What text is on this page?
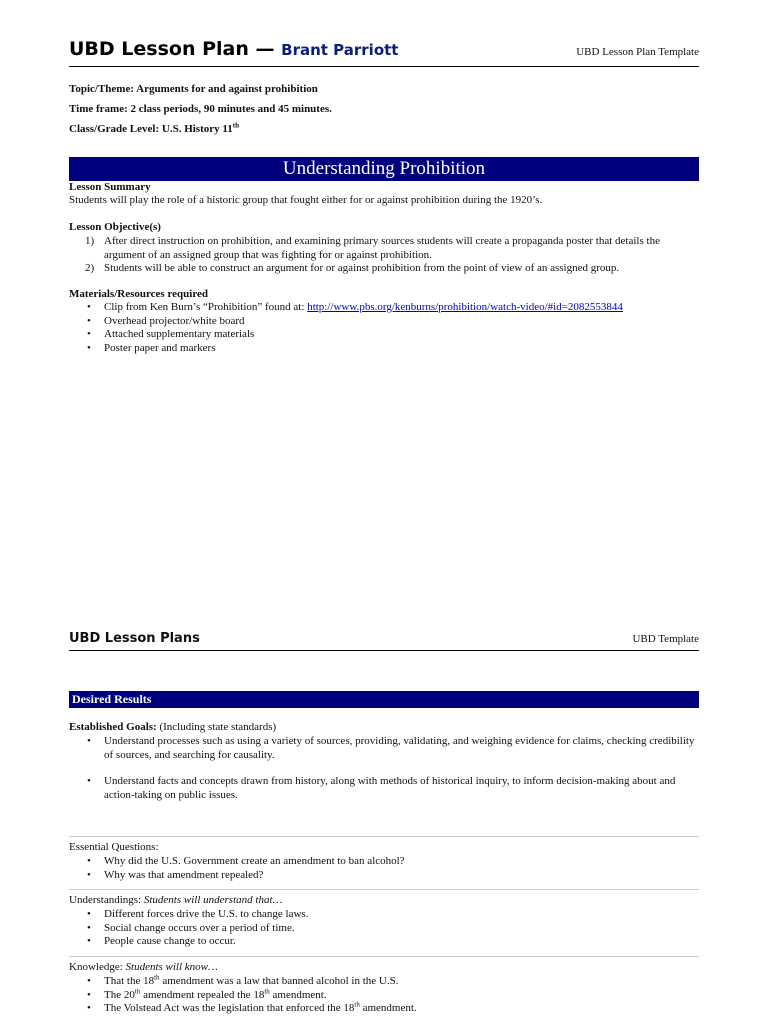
UBD Lesson Plan — Brant Parriott	UBD Lesson Plan Template
Topic/Theme: Arguments for and against prohibition
Time frame: 2 class periods, 90 minutes and 45 minutes.
Class/Grade Level: U.S. History 11th
Understanding Prohibition
Lesson Summary
Students will play the role of a historic group that fought either for or against prohibition during the 1920’s.
Lesson Objective(s)
1) After direct instruction on prohibition, and examining primary sources students will create a propaganda poster that details the argument of an assigned group that was fighting for or against prohibition.
2) Students will be able to construct an argument for or against prohibition from the point of view of an assigned group.
Materials/Resources required
• Clip from Ken Burn’s “Prohibition” found at: http://www.pbs.org/kenburns/prohibition/watch-video/#id=2082553844
• Overhead projector/white board
• Attached supplementary materials
• Poster paper and markers
UBD Lesson Plans	UBD Template
Desired Results
Established Goals: (Including state standards)
• Understand processes such as using a variety of sources, providing, validating, and weighing evidence for claims, checking credibility of sources, and searching for causality.
• Understand facts and concepts drawn from history, along with methods of historical inquiry, to inform decision-making about and action-taking on public issues.
Essential Questions:
• Why did the U.S. Government create an amendment to ban alcohol?
• Why was that amendment repealed?
Understandings: Students will understand that…
• Different forces drive the U.S. to change laws.
• Social change occurs over a period of time.
• People cause change to occur.
Knowledge: Students will know…
• That the 18th amendment was a law that banned alcohol in the U.S.
• The 20th amendment repealed the 18th amendment.
• The Volstead Act was the legislation that enforced the 18th amendment.
